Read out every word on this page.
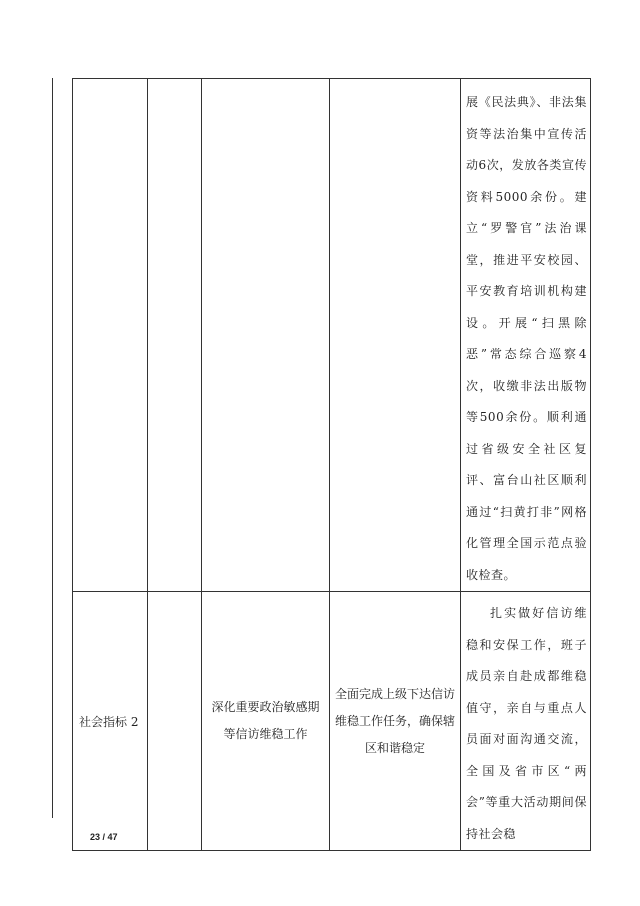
				展《民法典》、非法集资等法治集中宣传活动6次，发放各类宣传资料5000余份。建立“罗警官”法治课堂，推进平安校园、平安教育培训机构建设。开展“扫黑除恶”常态综合巡察4次，收缴非法出版物等500余份。顺利通过省级安全社区复评、富台山社区顺利通过“扫黄打非”网格化管理全国示范点验收检查。

社会指标 2		深化重要政治敏感期等信访维稳工作	全面完成上级下达信访维稳工作任务，确保辖区和谐稳定	扎实做好信访维稳和安保工作，班子成员亲自赴成都维稳值守，亲自与重点人员面对面沟通交流，全国及省市区“两会”等重大活动期间保持社会稳

23 / 47
